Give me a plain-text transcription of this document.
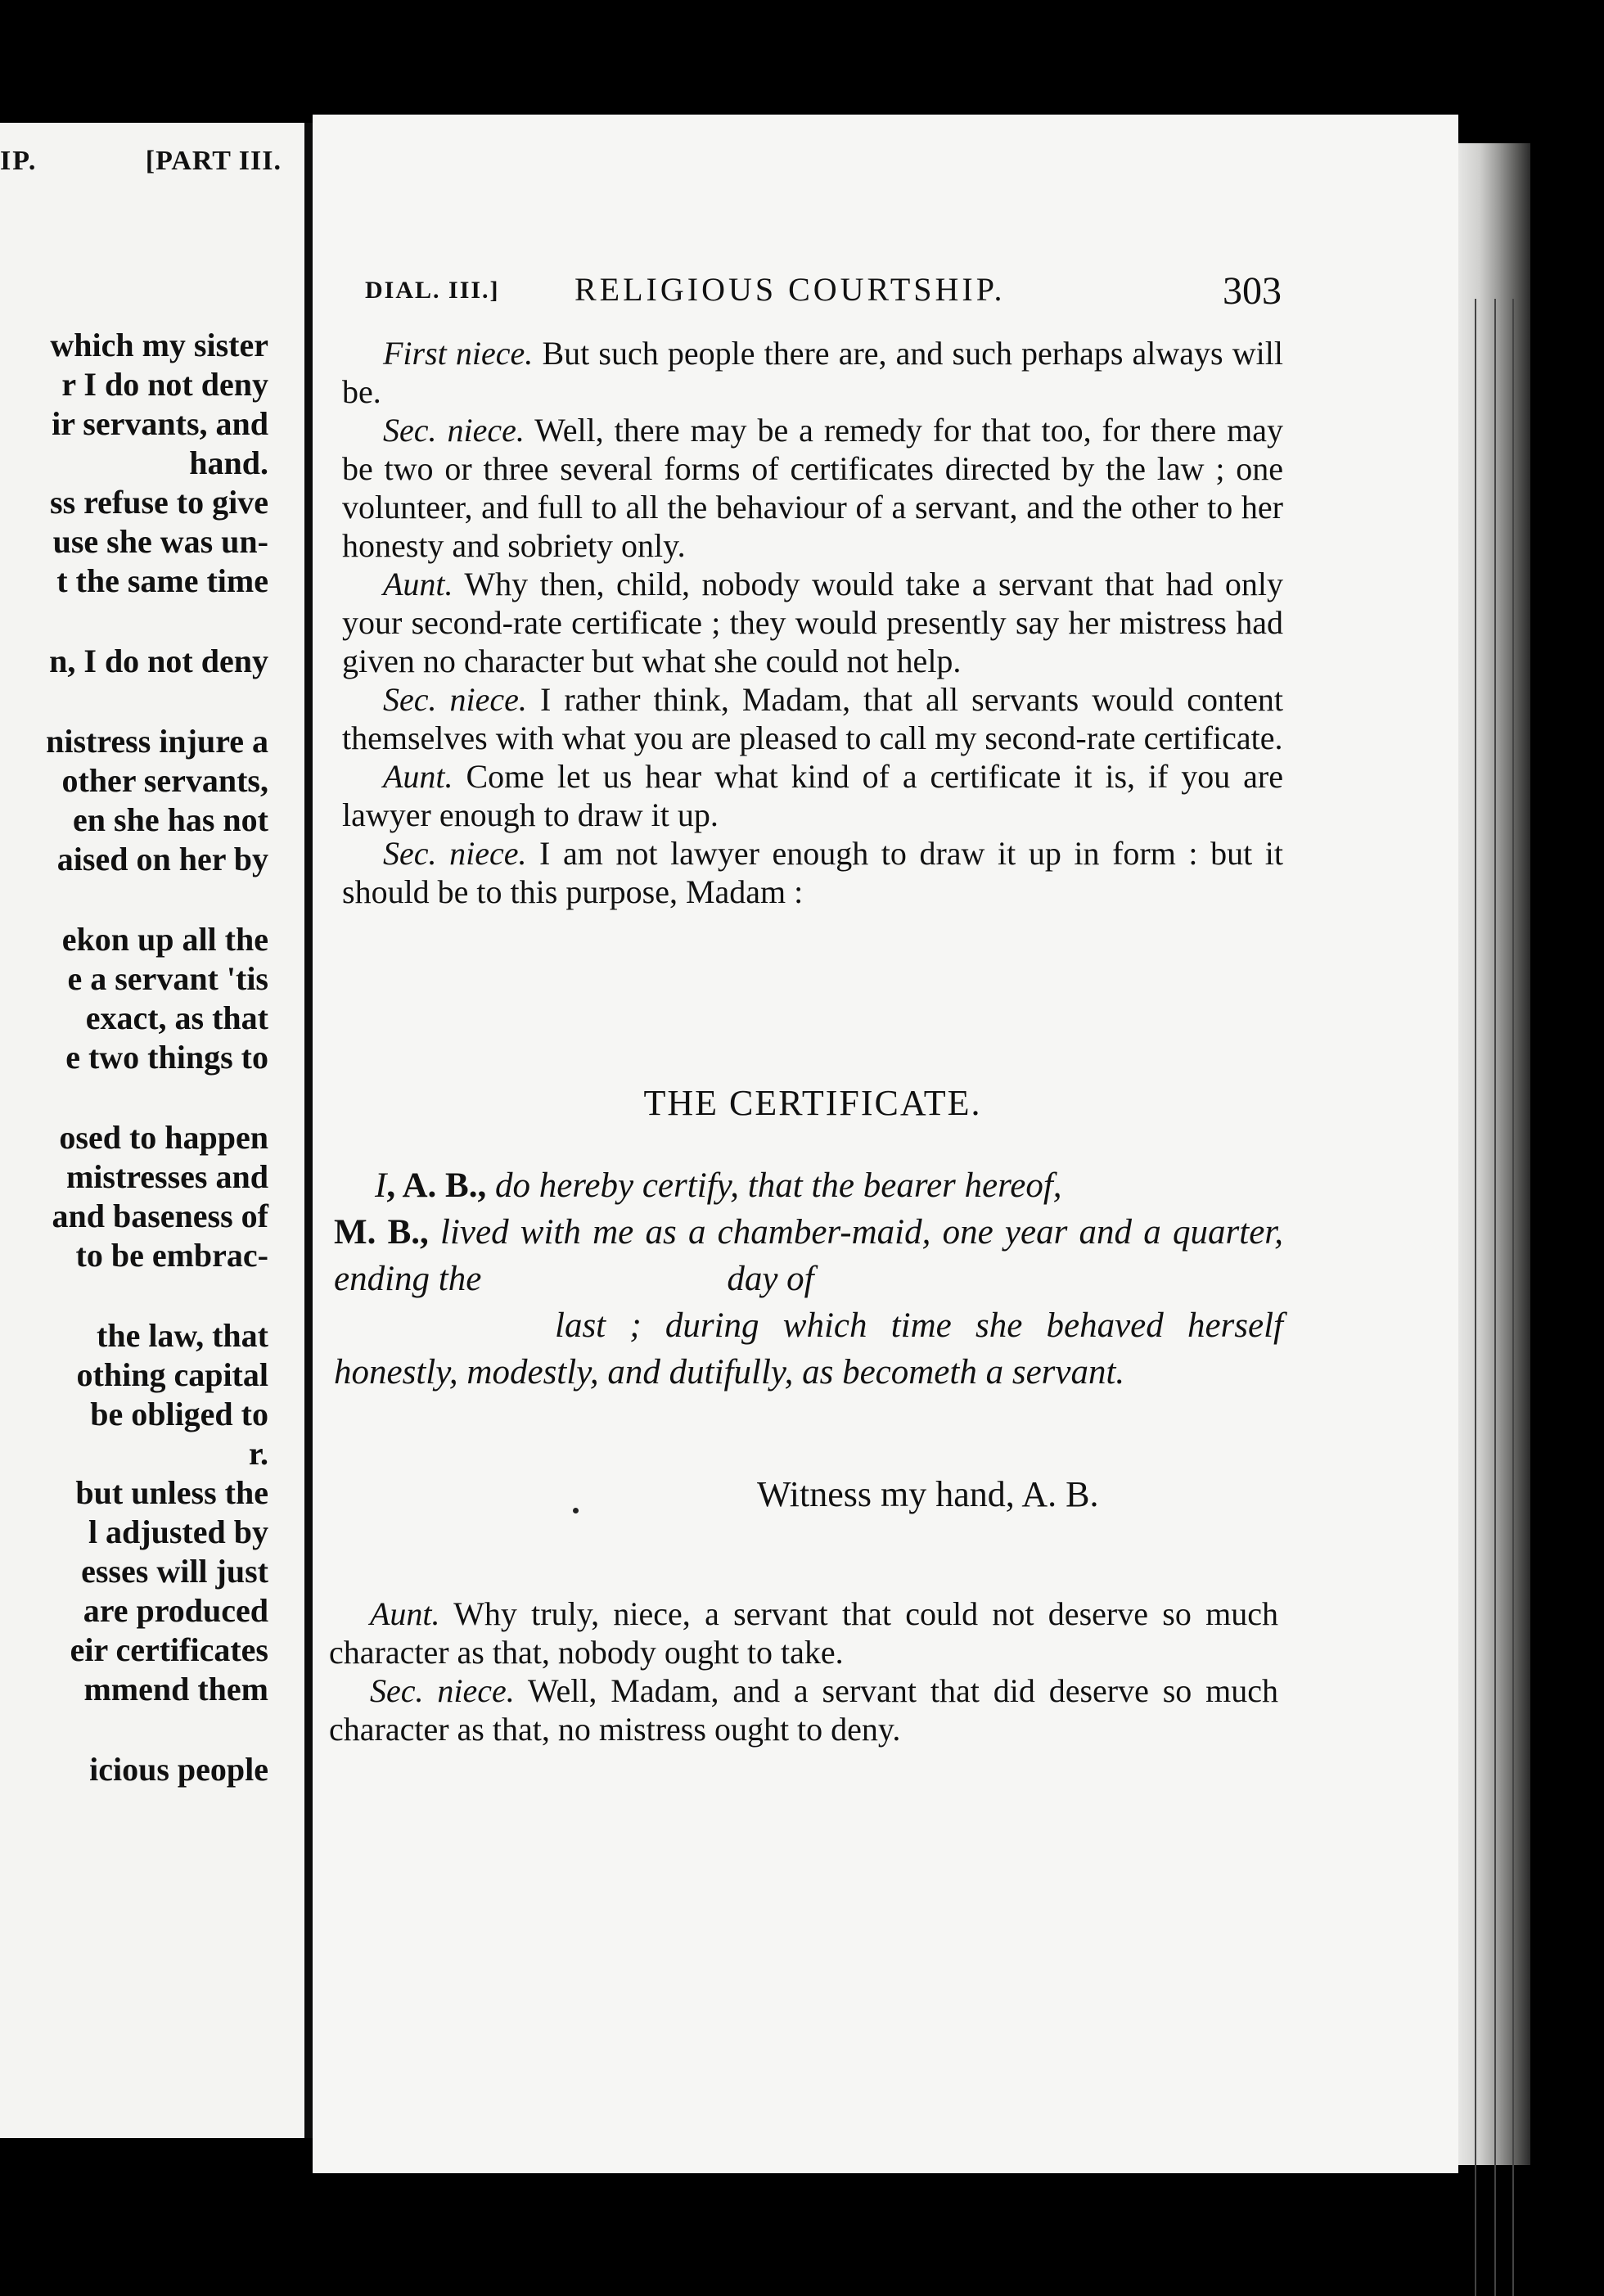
IP.	[PART III.
which my sister
r I do not deny
ir servants, and
hand.
ss refuse to give
use she was un-
t the same time
n, I do not deny
nistress injure a
other servants,
en she has not
aised on her by
ekon up all the
e a servant 'tis
exact, as that
e two things to
osed to happen
mistresses and
and baseness of
to be embrac-
the law, that
othing capital
be obliged to
r.
but unless the
l adjusted by
esses will just
are produced
eir certificates
mmend them
icious people
DIAL. III.] RELIGIOUS COURTSHIP.	303

First niece. But such people there are, and such perhaps always will be.

Sec. niece. Well, there may be a remedy for that too, for there may be two or three several forms of certificates directed by the law ; one volunteer, and full to all the behaviour of a servant, and the other to her honesty and sobriety only.

Aunt. Why then, child, nobody would take a servant that had only your second-rate certificate ; they would presently say her mistress had given no character but what she could not help.

Sec. niece. I rather think, Madam, that all servants would content themselves with what you are pleased to call my second-rate certificate.

Aunt. Come let us hear what kind of a certificate it is, if you are lawyer enough to draw it up.

Sec. niece. I am not lawyer enough to draw it up in form : but it should be to this purpose, Madam :

THE CERTIFICATE.
I, A. B., do hereby certify, that the bearer hereof,
M. B., lived with me as a chamber-maid, one year and a quarter, ending the	day of
last ; during which time she behaved herself honestly, modestly, and dutifully, as becometh a servant.
Witness my hand, A. B.

Aunt. Why truly, niece, a servant that could not deserve so much character as that, nobody ought to take.

Sec. niece. Well, Madam, and a servant that did deserve so much character as that, no mistress ought to deny.
